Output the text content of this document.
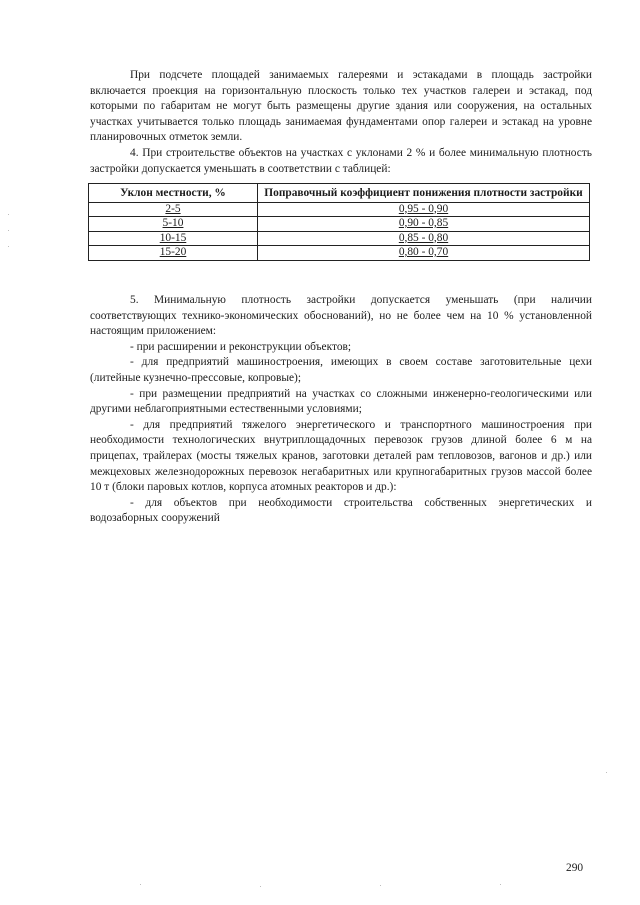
При подсчете площадей занимаемых галереями и эстакадами в площадь застройки включается проекция на горизонтальную плоскость только тех участков галереи и эстакад, под которыми по габаритам не могут быть размещены другие здания или сооружения, на остальных участках учитывается только площадь занимаемая фундаментами опор галереи и эстакад на уровне планировочных отметок земли.

4. При строительстве объектов на участках с уклонами 2 % и более минимальную плотность застройки допускается уменьшать в соответствии с таблицей:

Уклон местности, %	Поправочный коэффициент понижения плотности застройки
2-5	0,95 - 0,90
5-10	0,90 - 0,85
10-15	0,85 - 0,80
15-20	0,80 - 0,70

5. Минимальную плотность застройки допускается уменьшать (при наличии соответствующих технико-экономических обоснований), но не более чем на 10 % установленной настоящим приложением:

- при расширении и реконструкции объектов;

- для предприятий машиностроения, имеющих в своем составе заготовительные цехи (литейные кузнечно-прессовые, копровые);

- при размещении предприятий на участках со сложными инженерно-геологическими или другими неблагоприятными естественными условиями;

- для предприятий тяжелого энергетического и транспортного машиностроения при необходимости технологических внутриплощадочных перевозок грузов длиной более 6 м на прицепах, трайлерах (мосты тяжелых кранов, заготовки деталей рам тепловозов, вагонов и др.) или межцеховых железнодорожных перевозок негабаритных или крупногабаритных грузов массой более 10 т (блоки паровых котлов, корпуса атомных реакторов и др.):

- для объектов при необходимости строительства собственных энергетических и водозаборных сооружений

290
